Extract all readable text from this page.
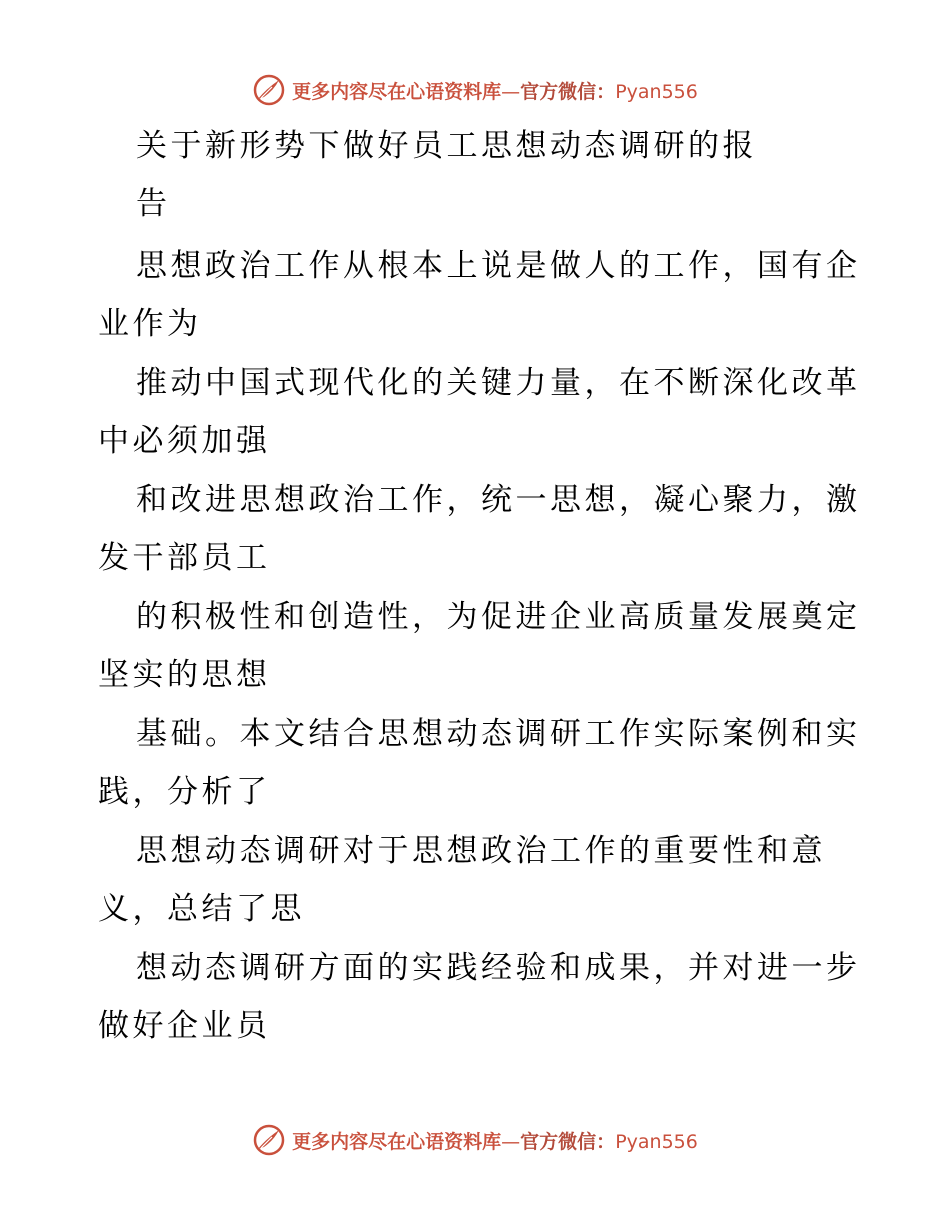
更多内容尽在心语资料库—官方微信：Pyan556
关于新形势下做好员工思想动态调研的报
告
思想政治工作从根本上说是做人的工作，国有企
业作为
推动中国式现代化的关键力量，在不断深化改革
中必须加强
和改进思想政治工作，统一思想，凝心聚力，激
发干部员工
的积极性和创造性，为促进企业高质量发展奠定
坚实的思想
基础。本文结合思想动态调研工作实际案例和实
践，分析了
思想动态调研对于思想政治工作的重要性和意
义，总结了思
想动态调研方面的实践经验和成果，并对进一步
做好企业员
更多内容尽在心语资料库—官方微信：Pyan556
